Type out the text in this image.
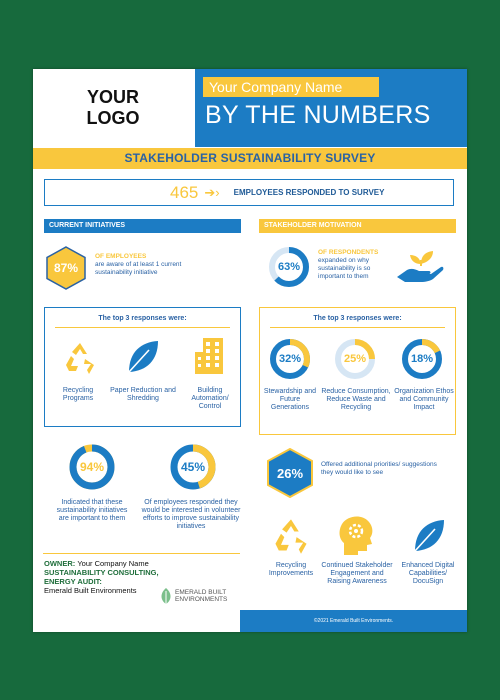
YOUR
LOGO
Your Company Name
BY THE NUMBERS
STAKEHOLDER SUSTAINABILITY SURVEY
465 ➔› EMPLOYEES RESPONDED TO SURVEY
CURRENT INITIATIVES
87%
OF EMPLOYEES
are aware of at least 1 current sustainability initiative
The top 3 responses were:
Recycling Programs
Paper Reduction and Shredding
Building Automation/ Control
94%
Indicated that these sustainability initiatives are important to them
45%
Of employees responded they would be interested in volunteer efforts to improve sustainability initiatives
OWNER: Your Company Name
SUSTAINABILITY CONSULTING,
ENERGY AUDIT:
Emerald Built Environments	EMERALD BUILT
ENVIRONMENTS
STAKEHOLDER MOTIVATION
63%
OF RESPONDENTS
expanded on why sustainability is so important to them
The top 3 responses were:
32%
Stewardship and Future Generations
25%
Reduce Consumption, Reduce Waste and Recycling
18%
Organization Ethos and Community Impact
26%
Offered additional priorities/ suggestions they would like to see
Recycling Improvements
Continued Stakeholder Engagement and Raising Awareness
Enhanced Digital Capabilities/ DocuSign
©2021 Emerald Built Environments.
